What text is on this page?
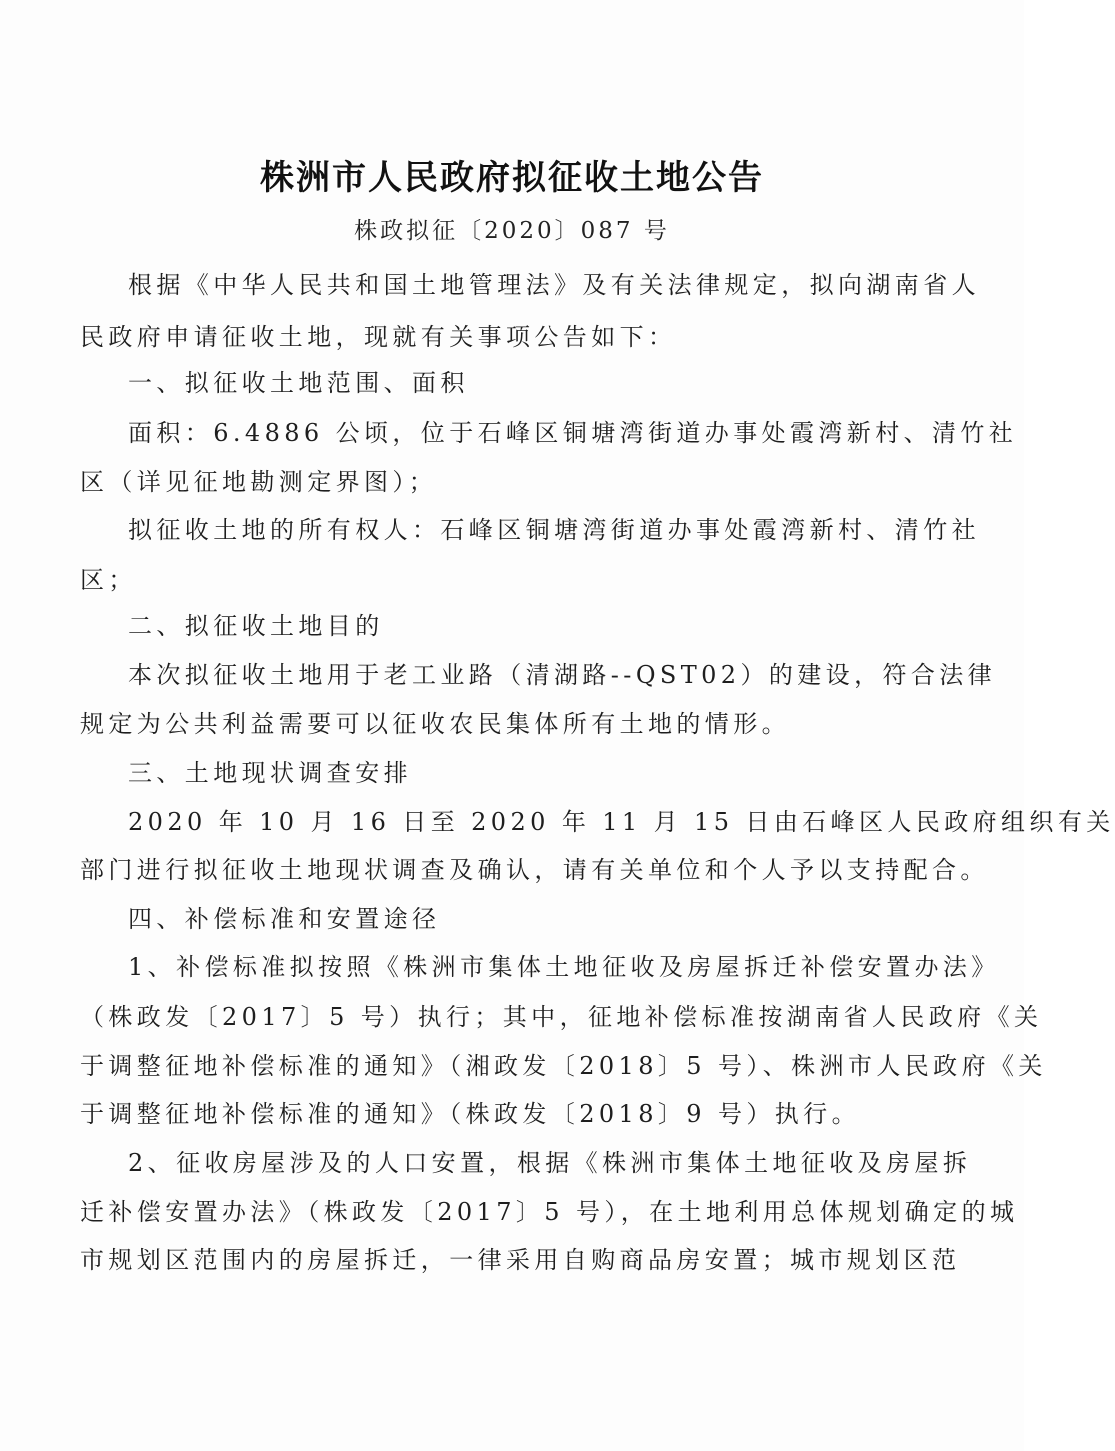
株洲市人民政府拟征收土地公告
株政拟征〔2020〕087 号
根据《中华人民共和国土地管理法》及有关法律规定，拟向湖南省人
民政府申请征收土地，现就有关事项公告如下：
一、拟征收土地范围、面积
面积：6.4886 公顷，位于石峰区铜塘湾街道办事处霞湾新村、清竹社
区（详见征地勘测定界图）；
拟征收土地的所有权人：石峰区铜塘湾街道办事处霞湾新村、清竹社
区；
二、拟征收土地目的
本次拟征收土地用于老工业路（清湖路--QST02）的建设，符合法律
规定为公共利益需要可以征收农民集体所有土地的情形。
三、土地现状调查安排
2020 年 10 月 16 日至 2020 年 11 月 15 日由石峰区人民政府组织有关
部门进行拟征收土地现状调查及确认，请有关单位和个人予以支持配合。
四、补偿标准和安置途径
1、补偿标准拟按照《株洲市集体土地征收及房屋拆迁补偿安置办法》
（株政发〔2017〕5 号）执行；其中，征地补偿标准按湖南省人民政府《关
于调整征地补偿标准的通知》（湘政发〔2018〕5 号）、株洲市人民政府《关
于调整征地补偿标准的通知》（株政发〔2018〕9 号）执行。
2、征收房屋涉及的人口安置，根据《株洲市集体土地征收及房屋拆
迁补偿安置办法》（株政发〔2017〕5 号），在土地利用总体规划确定的城
市规划区范围内的房屋拆迁，一律采用自购商品房安置；城市规划区范
